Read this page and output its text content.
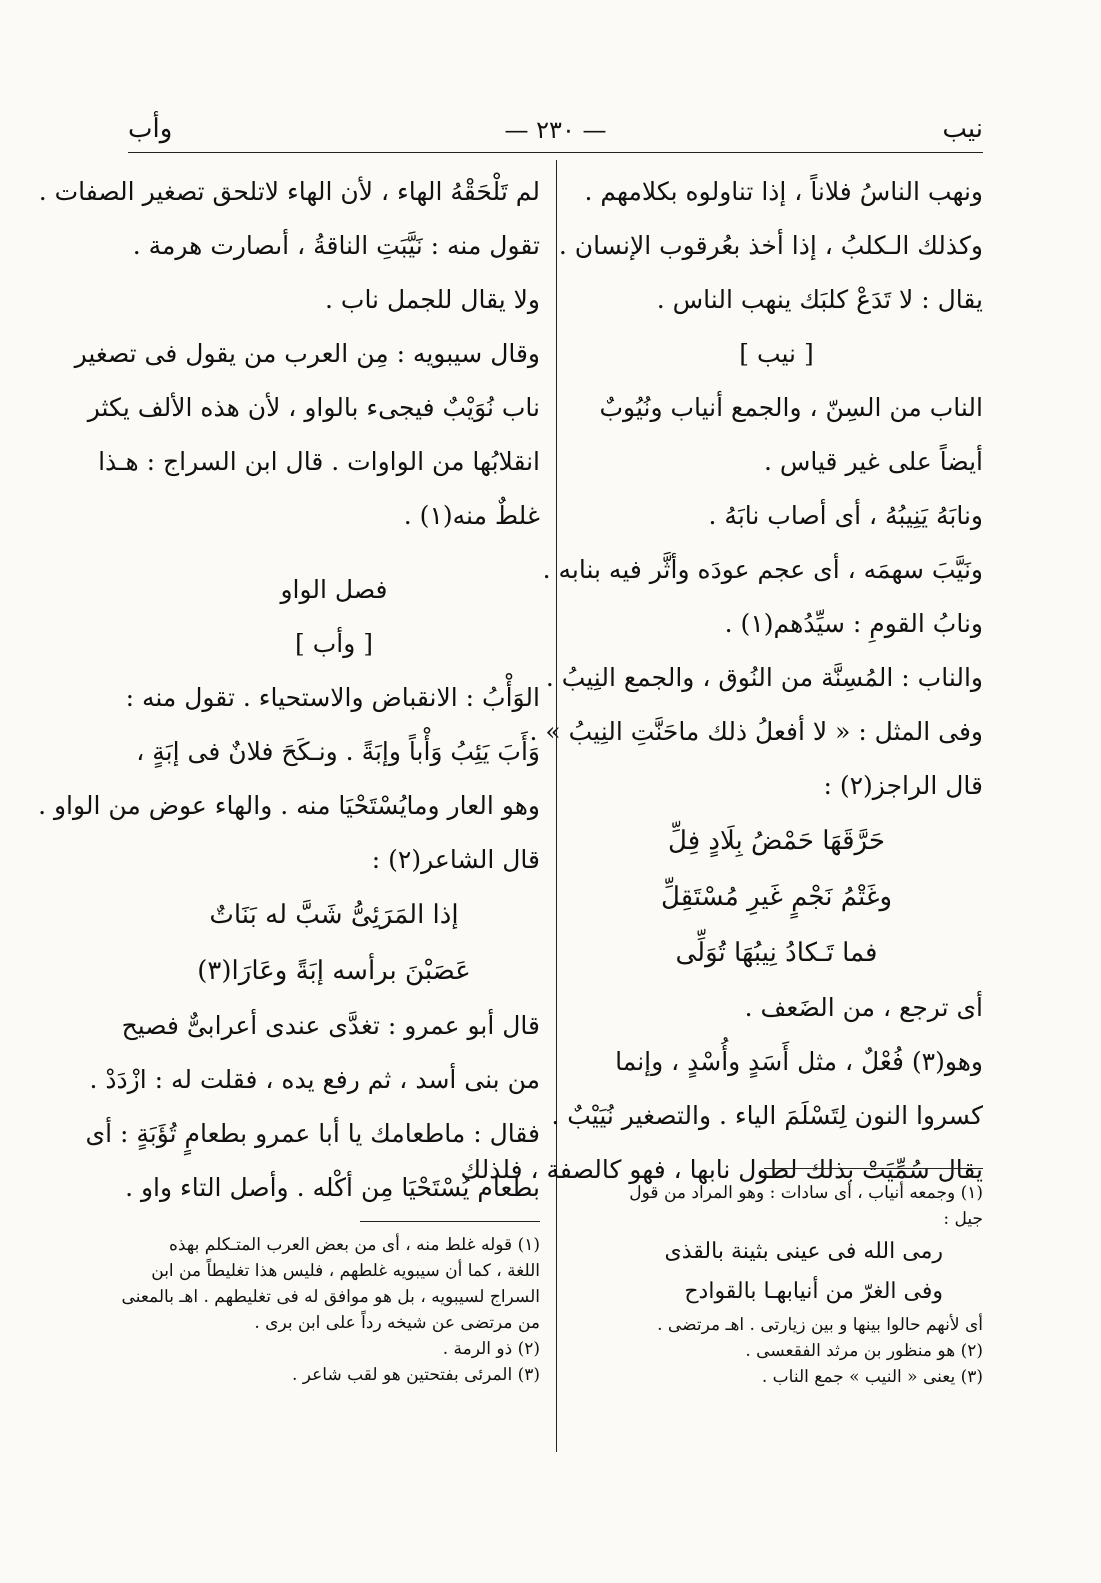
نيب
— ٢٣٠ —
وأب
ونهب الناسُ فلاناً ، إذا تناولوه بكلامهم .
وكذلك الـكلبُ ، إذا أخذ بعُرقوب الإنسان .
يقال : لا تَدَعْ كلبَك ينهب الناس .
[ نيب ]
الناب من السِنّ ، والجمع أنياب ونُيُوبٌ
أيضاً على غير قياس .
ونابَهُ يَنِيبُهُ ، أى أصاب نابَهُ .
ونَيَّبَ سهمَه ، أى عجم عودَه وأثَّر فيه بنابه .
ونابُ القومِ : سيِّدُهم(١) .
والناب : المُسِنَّة من النُوق ، والجمع النِيبُ .
وفى المثل : « لا أفعلُ ذلك ماحَنَّتِ النِيبُ » .
قال الراجز(٢) :
حَرَّقَهَا حَمْضُ بِلَادٍ فِلِّ
وغَتْمُ نَجْمٍ غَيرِ مُسْتَقِلِّ
فما تَـكادُ نِيبُهَا تُوَلِّى
أى ترجع ، من الضَعف .
وهو(٣) فُعْلٌ ، مثل أَسَدٍ وأُسْدٍ ، وإنما
كسروا النون لِتَسْلَمَ الياء . والتصغير نُيَيْبٌ .
يقال سُمِّيَتْ بذلك لطول نابها ، فهو كالصفة ، فلذلك
لم تَلْحَقْهُ الهاء ، لأن الهاء لاتلحق تصغير الصفات .
تقول منه : نَيَّبَتِ الناقةُ ، أىصارت هرمة .
ولا يقال للجمل ناب .
وقال سيبويه : مِن العرب من يقول فى تصغير
ناب نُوَيْبٌ فيجىء بالواو ، لأن هذه الألف يكثر
انقلابُها من الواوات . قال ابن السراج : هـذا
غلطٌ منه(١) .
فصل الواو
[ وأب ]
الوَأْبُ : الانقباض والاستحياء . تقول منه :
وَأَبَ يَئِبُ وَأْباً وإبَةً . ونـكَحَ فلانٌ فى إبَةٍ ،
وهو العار ومايُسْتَحْيَا منه . والهاء عوض من الواو .
قال الشاعر(٢) :
إذا المَرَئِىُّ شَبَّ له بَنَاتٌ
عَصَبْنَ برأسه إبَةً وعَارَا(٣)
قال أبو عمرو : تغدَّى عندى أعرابىٌّ فصيح
من بنى أسد ، ثم رفع يده ، فقلت له : ازْدَدْ .
فقال : ماطعامك يا أبا عمرو بطعامٍ تُؤَبَةٍ : أى
بطعام يُسْتَحْيَا مِن أكْله . وأصل التاء واو .	(١) وجمعه أنياب ، أى سادات : وهو المراد من قول
جيل :
رمى الله فى عينى بثينة بالقذى
وفى الغرّ من أنيابهـا بالقوادح
أى لأنهم حالوا بينها و بين زيارتى . اهـ مرتضى .
(٢) هو منظور بن مرثد الفقعسى .
(٣) يعنى « النيب » جمع الناب .
(١) قوله غلط منه ، أى من بعض العرب المتـكلم بهذه
اللغة ، كما أن سيبويه غلطهم ، فليس هذا تغليطاً من ابن
السراج لسيبويه ، بل هو موافق له فى تغليطهم . اهـ بالمعنى
من مرتضى عن شيخه رداً على ابن برى .
(٢) ذو الرمة .
(٣) المرئى بفتحتين هو لقب شاعر .
